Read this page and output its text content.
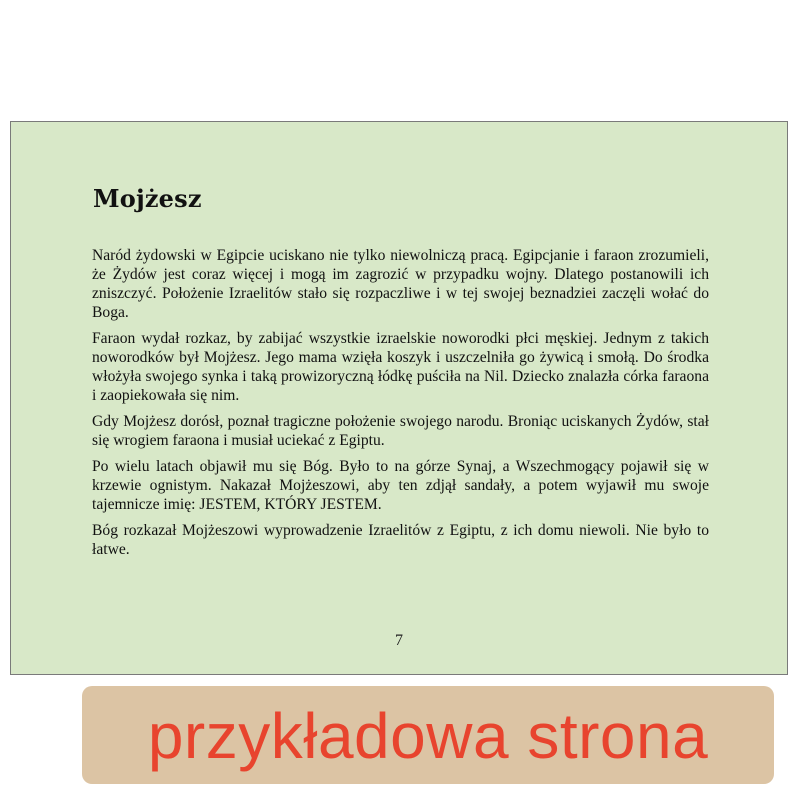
Mojżesz

Naród żydowski w Egipcie uciskano nie tylko niewolniczą pracą. Egipcjanie i faraon zrozumieli, że Żydów jest coraz więcej i mogą im zagrozić w przypadku wojny. Dlatego postanowili ich zniszczyć. Położenie Izraelitów stało się rozpaczliwe i w tej swojej beznadziei zaczęli wołać do Boga.

Faraon wydał rozkaz, by zabijać wszystkie izraelskie noworodki płci męskiej. Jednym z takich noworodków był Mojżesz. Jego mama wzięła koszyk i uszczelniła go żywicą i smołą. Do środka włożyła swojego synka i taką prowizoryczną łódkę puściła na Nil. Dziecko znalazła córka faraona i zaopiekowała się nim.

Gdy Mojżesz dorósł, poznał tragiczne położenie swojego narodu. Broniąc uciskanych Żydów, stał się wrogiem faraona i musiał uciekać z Egiptu.

Po wielu latach objawił mu się Bóg. Było to na górze Synaj, a Wszechmogący pojawił się w krzewie ognistym. Nakazał Mojżeszowi, aby ten zdjął sandały, a potem wyjawił mu swoje tajemnicze imię: JESTEM, KTÓRY JESTEM.

Bóg rozkazał Mojżeszowi wyprowadzenie Izraelitów z Egiptu, z ich domu niewoli. Nie było to łatwe.

7
przykładowa strona
